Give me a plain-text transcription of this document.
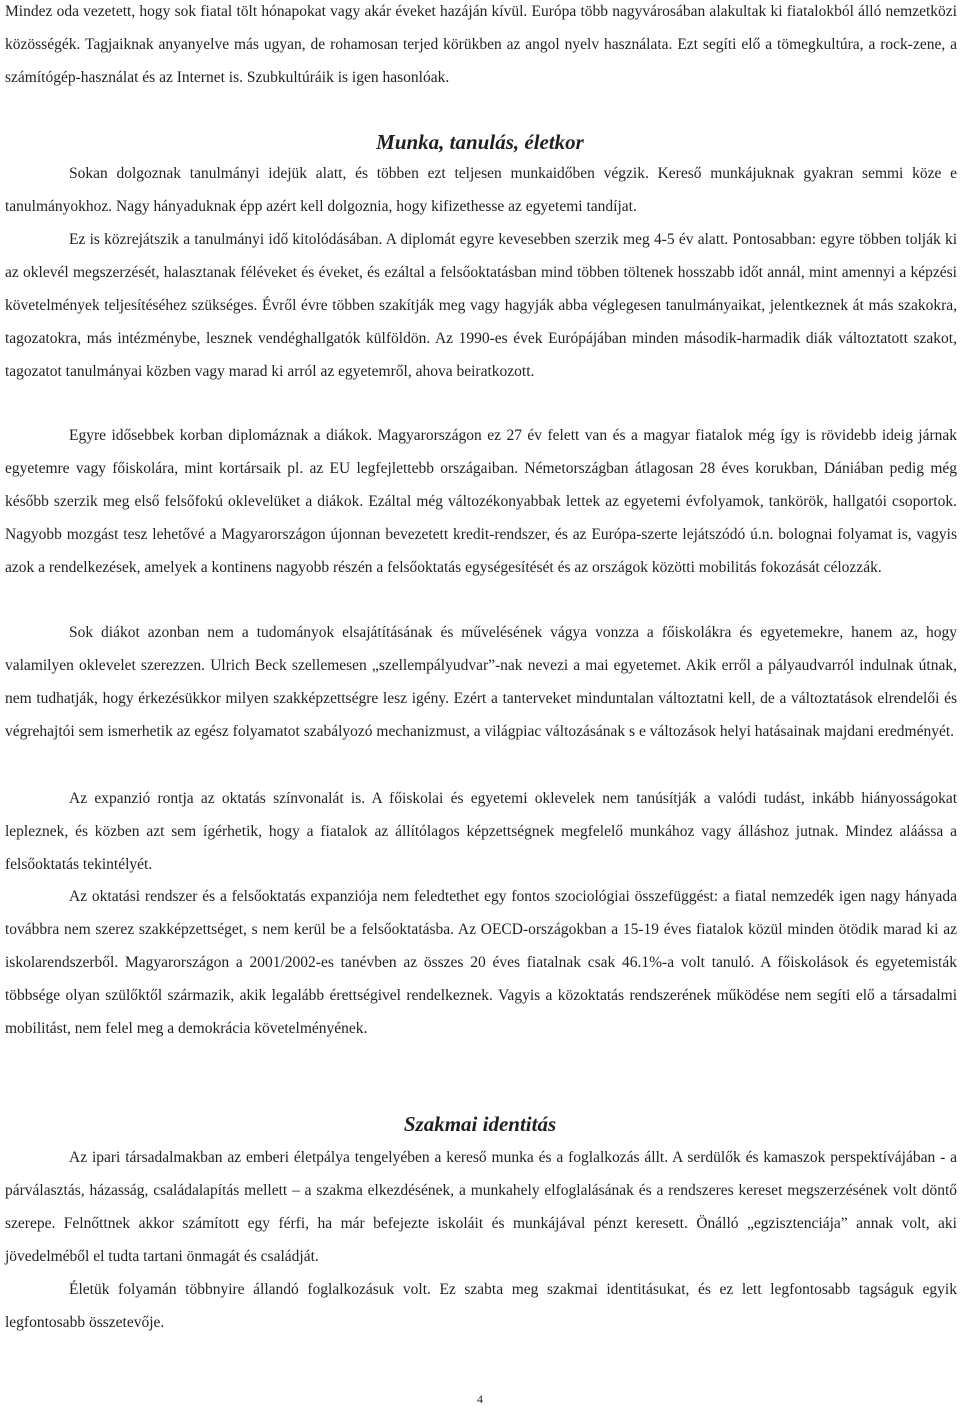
Mindez oda vezetett, hogy sok fiatal tölt hónapokat vagy akár éveket hazáján kívül. Európa több nagyvárosában alakultak ki fiatalokból álló nemzetközi közösségék. Tagjaiknak anyanyelve más ugyan, de rohamosan terjed körükben az angol nyelv használata. Ezt segíti elő a tömegkultúra, a rock-zene, a számítógép-használat és az Internet is. Szubkultúráik is igen hasonlóak.

Munka, tanulás, életkor

Sokan dolgoznak tanulmányi idejük alatt, és többen ezt teljesen munkaidőben végzik. Kereső munkájuknak gyakran semmi köze e tanulmányokhoz. Nagy hányaduknak épp azért kell dolgoznia, hogy kifizethesse az egyetemi tandíjat.

Ez is közrejátszik a tanulmányi idő kitolódásában. A diplomát egyre kevesebben szerzik meg 4-5 év alatt. Pontosabban: egyre többen tolják ki az oklevél megszerzését, halasztanak féléveket és éveket, és ezáltal a felsőoktatásban mind többen töltenek hosszabb időt annál, mint amennyi a képzési követelmények teljesítéséhez szükséges. Évről évre többen szakítják meg vagy hagyják abba véglegesen tanulmányaikat, jelentkeznek át más szakokra, tagozatokra, más intézménybe, lesznek vendéghallgatók külföldön. Az 1990-es évek Európájában minden második-harmadik diák változtatott szakot, tagozatot tanulmányai közben vagy marad ki arról az egyetemről, ahova beiratkozott.

Egyre idősebbek korban diplomáznak a diákok. Magyarországon ez 27 év felett van és a magyar fiatalok még így is rövidebb ideig járnak egyetemre vagy főiskolára, mint kortársaik pl. az EU legfejlettebb országaiban. Németországban átlagosan 28 éves korukban, Dániában pedig még később szerzik meg első felsőfokú oklevelüket a diákok. Ezáltal még változékonyabbak lettek az egyetemi évfolyamok, tankörök, hallgatói csoportok. Nagyobb mozgást tesz lehetővé a Magyarországon újonnan bevezetett kredit-rendszer, és az Európa-szerte lejátszódó ú.n. bolognai folyamat is, vagyis azok a rendelkezések, amelyek a kontinens nagyobb részén a felsőoktatás egységesítését és az országok közötti mobilitás fokozását célozzák.

Sok diákot azonban nem a tudományok elsajátításának és művelésének vágya vonzza a főiskolákra és egyetemekre, hanem az, hogy valamilyen oklevelet szerezzen. Ulrich Beck szellemesen „szellempályudvar”-nak nevezi a mai egyetemet. Akik erről a pályaudvarról indulnak útnak, nem tudhatják, hogy érkezésükkor milyen szakképzettségre lesz igény. Ezért a tanterveket minduntalan változtatni kell, de a változtatások elrendelői és végrehajtói sem ismerhetik az egész folyamatot szabályozó mechanizmust, a világpiac változásának s e változások helyi hatásainak majdani eredményét.

Az expanzió rontja az oktatás színvonalát is. A főiskolai és egyetemi oklevelek nem tanúsítják a valódi tudást, inkább hiányosságokat lepleznek, és közben azt sem ígérhetik, hogy a fiatalok az állítólagos képzettségnek megfelelő munkához vagy álláshoz jutnak. Mindez aláássa a felsőoktatás tekintélyét.

Az oktatási rendszer és a felsőoktatás expanziója nem feledtethet egy fontos szociológiai összefüggést: a fiatal nemzedék igen nagy hányada továbbra nem szerez szakképzettséget, s nem kerül be a felsőoktatásba. Az OECD-országokban a 15-19 éves fiatalok közül minden ötödik marad ki az iskolarendszerből. Magyarországon a 2001/2002-es tanévben az összes 20 éves fiatalnak csak 46.1%-a volt tanuló. A főiskolások és egyetemisták többsége olyan szülőktől származik, akik legalább érettségivel rendelkeznek. Vagyis a közoktatás rendszerének működése nem segíti elő a társadalmi mobilitást, nem felel meg a demokrácia követelményének.

Szakmai identitás

Az ipari társadalmakban az emberi életpálya tengelyében a kereső munka és a foglalkozás állt. A serdülők és kamaszok perspektívájában - a párválasztás, házasság, családalapítás mellett – a szakma elkezdésének, a munkahely elfoglalásának és a rendszeres kereset megszerzésének volt döntő szerepe. Felnőttnek akkor számított egy férfi, ha már befejezte iskoláit és munkájával pénzt keresett. Önálló „egzisztenciája” annak volt, aki jövedelméből el tudta tartani önmagát és családját.

Életük folyamán többnyire állandó foglalkozásuk volt. Ez szabta meg szakmai identitásukat, és ez lett legfontosabb tagságuk egyik legfontosabb összetevője.

4
